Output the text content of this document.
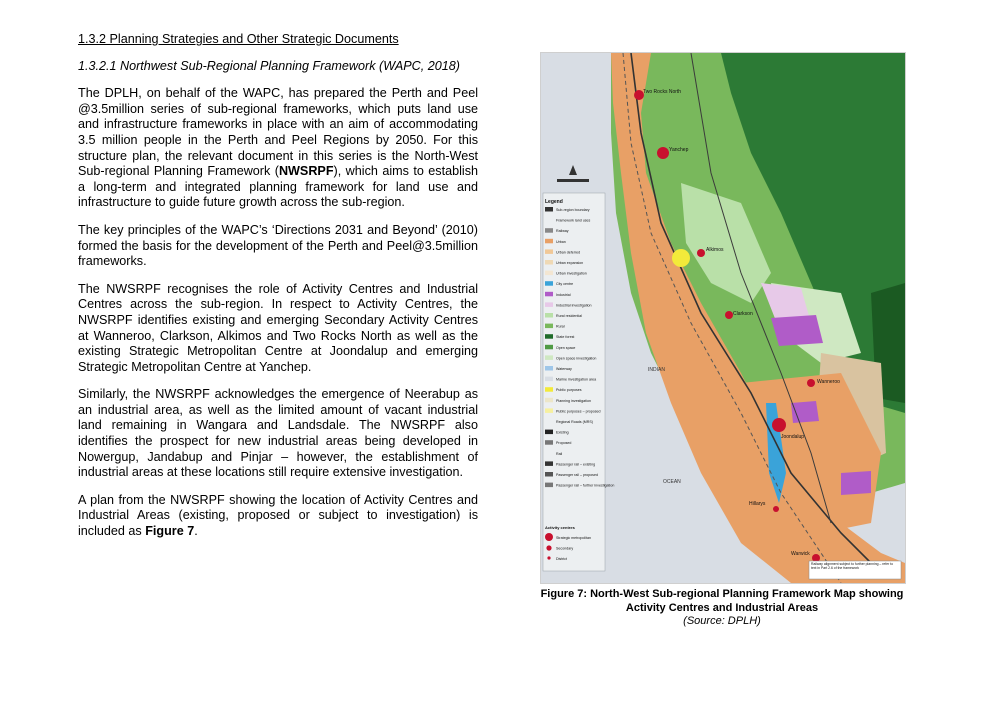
1.3.2 Planning Strategies and Other Strategic Documents

1.3.2.1 Northwest Sub-Regional Planning Framework (WAPC, 2018)

The DPLH, on behalf of the WAPC, has prepared the Perth and Peel @3.5million series of sub-regional frameworks, which puts land use and infrastructure frameworks in place with an aim of accommodating 3.5 million people in the Perth and Peel Regions by 2050. For this structure plan, the relevant document in this series is the North-West Sub-regional Planning Framework (NWSRPF), which aims to establish a long-term and integrated planning framework for land use and infrastructure to guide future growth across the sub-region.

The key principles of the WAPC’s ‘Directions 2031 and Beyond’ (2010) formed the basis for the development of the Perth and Peel@3.5million frameworks.

The NWSRPF recognises the role of Activity Centres and Industrial Centres across the sub-region. In respect to Activity Centres, the NWSRPF identifies existing and emerging Secondary Activity Centres at Wanneroo, Clarkson, Alkimos and Two Rocks North as well as the existing Strategic Metropolitan Centre at Joondalup and emerging Strategic Metropolitan Centre at Yanchep.

Similarly, the NWSRPF acknowledges the emergence of Neerabup as an industrial area, as well as the limited amount of vacant industrial land remaining in Wangara and Landsdale. The NWSRPF also identifies the prospect for new industrial areas being developed in Nowergup, Jandabup and Pinjar – however, the establishment of industrial areas at these locations still require extensive investigation.

A plan from the NWSRPF showing the location of Activity Centres and Industrial Areas (existing, proposed or subject to investigation) is included as Figure 7.

Two Rocks North
Yanchep
Alkimos
Clarkson
INDIAN
OCEAN
Joondalup
Wanneroo
Hillarys
Warwick
Legend
Sub-region boundary
Framework land uses
Railway
Urban
Urban deferred
Urban expansion
Urban investigation
City centre
Industrial
Industrial investigation
Rural residential
Rural
State forest
Open space
Open space investigation
Waterway
Marine investigation area
Public purposes
Planning investigation
Public purposes – proposed
Regional Roads (MRS)
Existing
Proposed
Rail
Passenger rail – existing
Passenger rail – proposed
Passenger rail – further investigation
Strategic metropolitan
Secondary
District
Activity centres
Railway alignment subject to further planning – refer to text in Part 2.6 of the framework
Figure 7: North-West Sub-regional Planning Framework Map showing
Activity Centres and Industrial Areas
(Source: DPLH)
